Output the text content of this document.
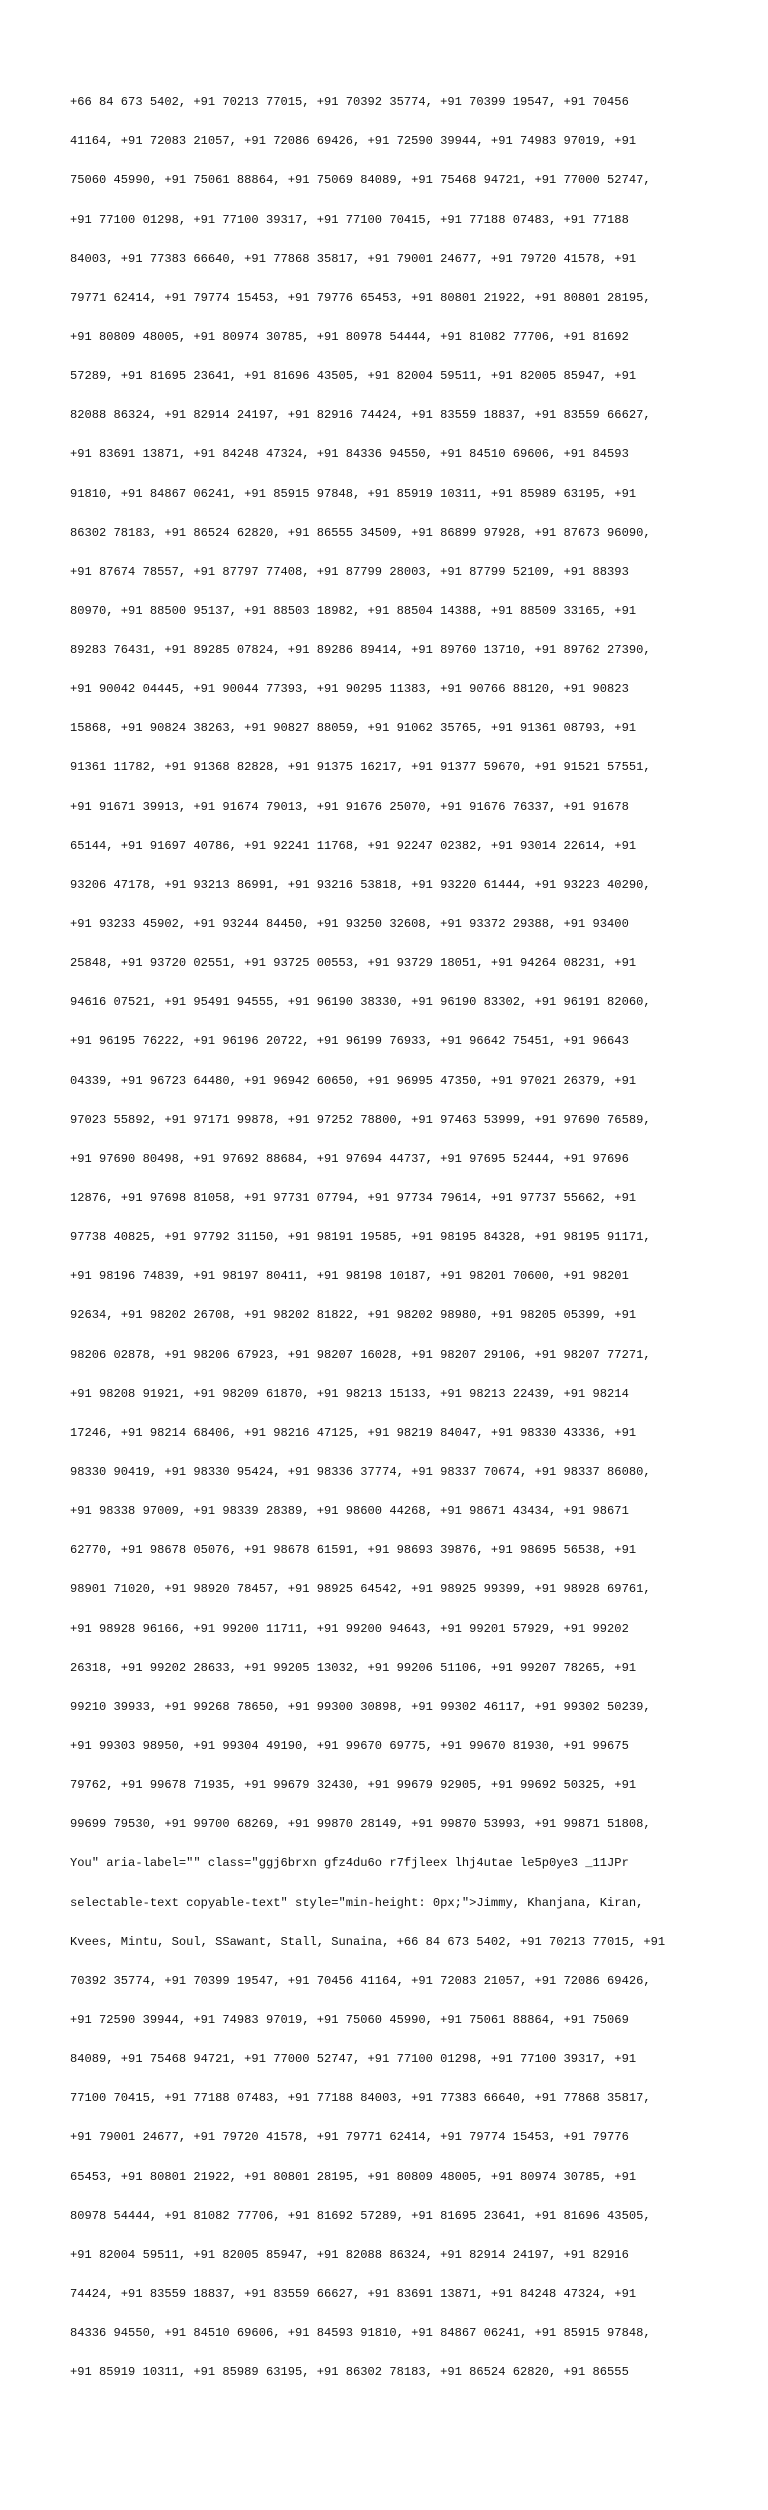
+66 84 673 5402, +91 70213 77015, +91 70392 35774, +91 70399 19547, +91 70456

41164, +91 72083 21057, +91 72086 69426, +91 72590 39944, +91 74983 97019, +91

75060 45990, +91 75061 88864, +91 75069 84089, +91 75468 94721, +91 77000 52747,

+91 77100 01298, +91 77100 39317, +91 77100 70415, +91 77188 07483, +91 77188

84003, +91 77383 66640, +91 77868 35817, +91 79001 24677, +91 79720 41578, +91

79771 62414, +91 79774 15453, +91 79776 65453, +91 80801 21922, +91 80801 28195,

+91 80809 48005, +91 80974 30785, +91 80978 54444, +91 81082 77706, +91 81692

57289, +91 81695 23641, +91 81696 43505, +91 82004 59511, +91 82005 85947, +91

82088 86324, +91 82914 24197, +91 82916 74424, +91 83559 18837, +91 83559 66627,

+91 83691 13871, +91 84248 47324, +91 84336 94550, +91 84510 69606, +91 84593

91810, +91 84867 06241, +91 85915 97848, +91 85919 10311, +91 85989 63195, +91

86302 78183, +91 86524 62820, +91 86555 34509, +91 86899 97928, +91 87673 96090,

+91 87674 78557, +91 87797 77408, +91 87799 28003, +91 87799 52109, +91 88393

80970, +91 88500 95137, +91 88503 18982, +91 88504 14388, +91 88509 33165, +91

89283 76431, +91 89285 07824, +91 89286 89414, +91 89760 13710, +91 89762 27390,

+91 90042 04445, +91 90044 77393, +91 90295 11383, +91 90766 88120, +91 90823

15868, +91 90824 38263, +91 90827 88059, +91 91062 35765, +91 91361 08793, +91

91361 11782, +91 91368 82828, +91 91375 16217, +91 91377 59670, +91 91521 57551,

+91 91671 39913, +91 91674 79013, +91 91676 25070, +91 91676 76337, +91 91678

65144, +91 91697 40786, +91 92241 11768, +91 92247 02382, +91 93014 22614, +91

93206 47178, +91 93213 86991, +91 93216 53818, +91 93220 61444, +91 93223 40290,

+91 93233 45902, +91 93244 84450, +91 93250 32608, +91 93372 29388, +91 93400

25848, +91 93720 02551, +91 93725 00553, +91 93729 18051, +91 94264 08231, +91

94616 07521, +91 95491 94555, +91 96190 38330, +91 96190 83302, +91 96191 82060,

+91 96195 76222, +91 96196 20722, +91 96199 76933, +91 96642 75451, +91 96643

04339, +91 96723 64480, +91 96942 60650, +91 96995 47350, +91 97021 26379, +91

97023 55892, +91 97171 99878, +91 97252 78800, +91 97463 53999, +91 97690 76589,

+91 97690 80498, +91 97692 88684, +91 97694 44737, +91 97695 52444, +91 97696

12876, +91 97698 81058, +91 97731 07794, +91 97734 79614, +91 97737 55662, +91

97738 40825, +91 97792 31150, +91 98191 19585, +91 98195 84328, +91 98195 91171,

+91 98196 74839, +91 98197 80411, +91 98198 10187, +91 98201 70600, +91 98201

92634, +91 98202 26708, +91 98202 81822, +91 98202 98980, +91 98205 05399, +91

98206 02878, +91 98206 67923, +91 98207 16028, +91 98207 29106, +91 98207 77271,

+91 98208 91921, +91 98209 61870, +91 98213 15133, +91 98213 22439, +91 98214

17246, +91 98214 68406, +91 98216 47125, +91 98219 84047, +91 98330 43336, +91

98330 90419, +91 98330 95424, +91 98336 37774, +91 98337 70674, +91 98337 86080,

+91 98338 97009, +91 98339 28389, +91 98600 44268, +91 98671 43434, +91 98671

62770, +91 98678 05076, +91 98678 61591, +91 98693 39876, +91 98695 56538, +91

98901 71020, +91 98920 78457, +91 98925 64542, +91 98925 99399, +91 98928 69761,

+91 98928 96166, +91 99200 11711, +91 99200 94643, +91 99201 57929, +91 99202

26318, +91 99202 28633, +91 99205 13032, +91 99206 51106, +91 99207 78265, +91

99210 39933, +91 99268 78650, +91 99300 30898, +91 99302 46117, +91 99302 50239,

+91 99303 98950, +91 99304 49190, +91 99670 69775, +91 99670 81930, +91 99675

79762, +91 99678 71935, +91 99679 32430, +91 99679 92905, +91 99692 50325, +91

99699 79530, +91 99700 68269, +91 99870 28149, +91 99870 53993, +91 99871 51808,

You" aria-label="" class="ggj6brxn gfz4du6o r7fjleex lhj4utae le5p0ye3 _11JPr

selectable-text copyable-text" style="min-height: 0px;">Jimmy, Khanjana, Kiran,

Kvees, Mintu, Soul, SSawant, Stall, Sunaina, +66 84 673 5402, +91 70213 77015, +91

70392 35774, +91 70399 19547, +91 70456 41164, +91 72083 21057, +91 72086 69426,

+91 72590 39944, +91 74983 97019, +91 75060 45990, +91 75061 88864, +91 75069

84089, +91 75468 94721, +91 77000 52747, +91 77100 01298, +91 77100 39317, +91

77100 70415, +91 77188 07483, +91 77188 84003, +91 77383 66640, +91 77868 35817,

+91 79001 24677, +91 79720 41578, +91 79771 62414, +91 79774 15453, +91 79776

65453, +91 80801 21922, +91 80801 28195, +91 80809 48005, +91 80974 30785, +91

80978 54444, +91 81082 77706, +91 81692 57289, +91 81695 23641, +91 81696 43505,

+91 82004 59511, +91 82005 85947, +91 82088 86324, +91 82914 24197, +91 82916

74424, +91 83559 18837, +91 83559 66627, +91 83691 13871, +91 84248 47324, +91

84336 94550, +91 84510 69606, +91 84593 91810, +91 84867 06241, +91 85915 97848,

+91 85919 10311, +91 85989 63195, +91 86302 78183, +91 86524 62820, +91 86555
